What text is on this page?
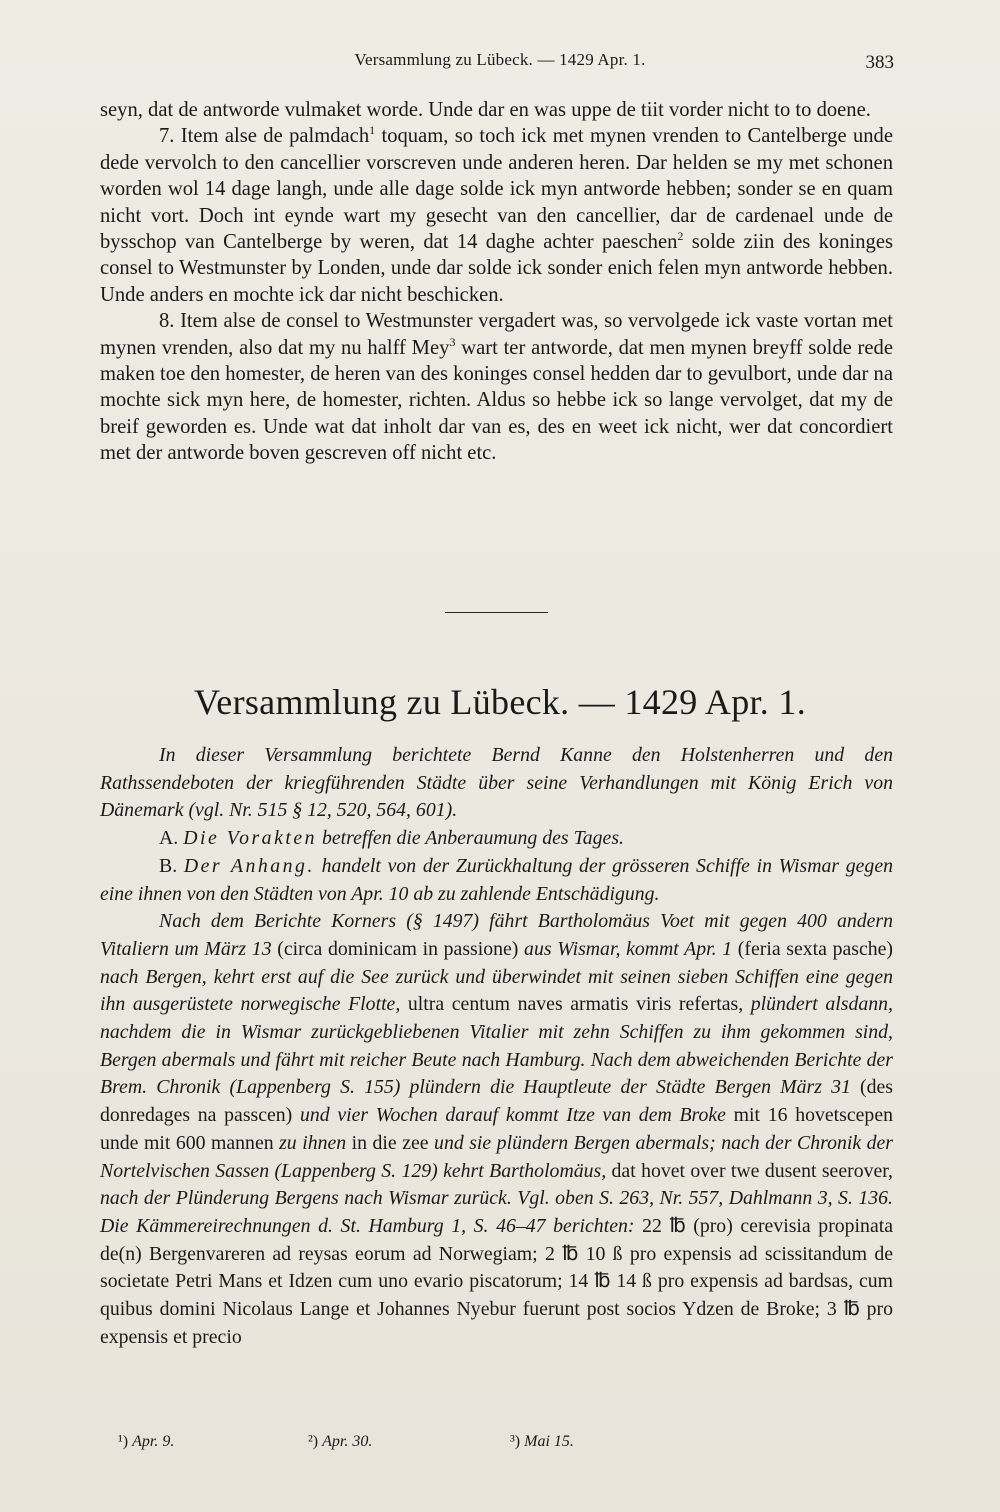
Versammlung zu Lübeck. — 1429 Apr. 1.	383

seyn, dat de antworde vulmaket worde. Unde dar en was uppe de tiit vorder nicht to to doene.

7. Item alse de palmdach$^1$ toquam, so toch ick met mynen vrenden to Cantelberge unde dede vervolch to den cancellier vorscreven unde anderen heren. Dar helden se my met schonen worden wol 14 dage langh, unde alle dage solde ick myn antworde hebben; sonder se en quam nicht vort. Doch int eynde wart my gesecht van den cancellier, dar de cardenael unde de bysschop van Cantelberge by weren, dat 14 daghe achter paeschen$^2$ solde ziin des koninges consel to Westmunster by Londen, unde dar solde ick sonder enich felen myn antworde hebben. Unde anders en mochte ick dar nicht beschicken.

8. Item alse de consel to Westmunster vergadert was, so vervolgede ick vaste vortan met mynen vrenden, also dat my nu halff Mey$^3$ wart ter antworde, dat men mynen breyff solde rede maken toe den homester, de heren van des koninges consel hedden dar to gevulbort, unde dar na mochte sick myn here, de homester, richten. Aldus so hebbe ick so lange vervolget, dat my de breif geworden es. Unde wat dat inholt dar van es, des en weet ick nicht, wer dat concordiert met der antworde boven gescreven off nicht etc.

Versammlung zu Lübeck. — 1429 Apr. 1.

In dieser Versammlung berichtete Bernd Kanne den Holstenherren und den Rathssendeboten der kriegführenden Städte über seine Verhandlungen mit König Erich von Dänemark (vgl. Nr. 515 § 12, 520, 564, 601).

A. Die Vorakten betreffen die Anberaumung des Tages.

B. Der Anhang. handelt von der Zurückhaltung der grösseren Schiffe in Wismar gegen eine ihnen von den Städten von Apr. 10 ab zu zahlende Entschädigung.

Nach dem Berichte Korners (§ 1497) fährt Bartholomäus Voet mit gegen 400 andern Vitaliern um März 13 (circa dominicam in passione) aus Wismar, kommt Apr. 1 (feria sexta pasche) nach Bergen, kehrt erst auf die See zurück und überwindet mit seinen sieben Schiffen eine gegen ihn ausgerüstete norwegische Flotte, ultra centum naves armatis viris refertas, plündert alsdann, nachdem die in Wismar zurückgebliebenen Vitalier mit zehn Schiffen zu ihm gekommen sind, Bergen abermals und fährt mit reicher Beute nach Hamburg. Nach dem abweichenden Berichte der Brem. Chronik (Lappenberg S. 155) plündern die Hauptleute der Städte Bergen März 31 (des donredages na passcen) und vier Wochen darauf kommt Itze van dem Broke mit 16 hovetscepen unde mit 600 mannen zu ihnen in die zee und sie plündern Bergen abermals; nach der Chronik der Nortelvischen Sassen (Lappenberg S. 129) kehrt Bartholomäus, dat hovet over twe dusent seerover, nach der Plünderung Bergens nach Wismar zurück. Vgl. oben S. 263, Nr. 557, Dahlmann 3, S. 136. Die Kämmereirechnungen d. St. Hamburg 1, S. 46–47 berichten: 22 ℔ (pro) cerevisia propinata de(n) Bergenvareren ad reysas eorum ad Norwegiam; 2 ℔ 10 ß pro expensis ad scissitandum de societate Petri Mans et Idzen cum uno evario piscatorum; 14 ℔ 14 ß pro expensis ad bardsas, cum quibus domini Nicolaus Lange et Johannes Nyebur fuerunt post socios Ydzen de Broke; 3 ℔ pro expensis et precio

¹) Apr. 9.	²) Apr. 30.	³) Mai 15.
